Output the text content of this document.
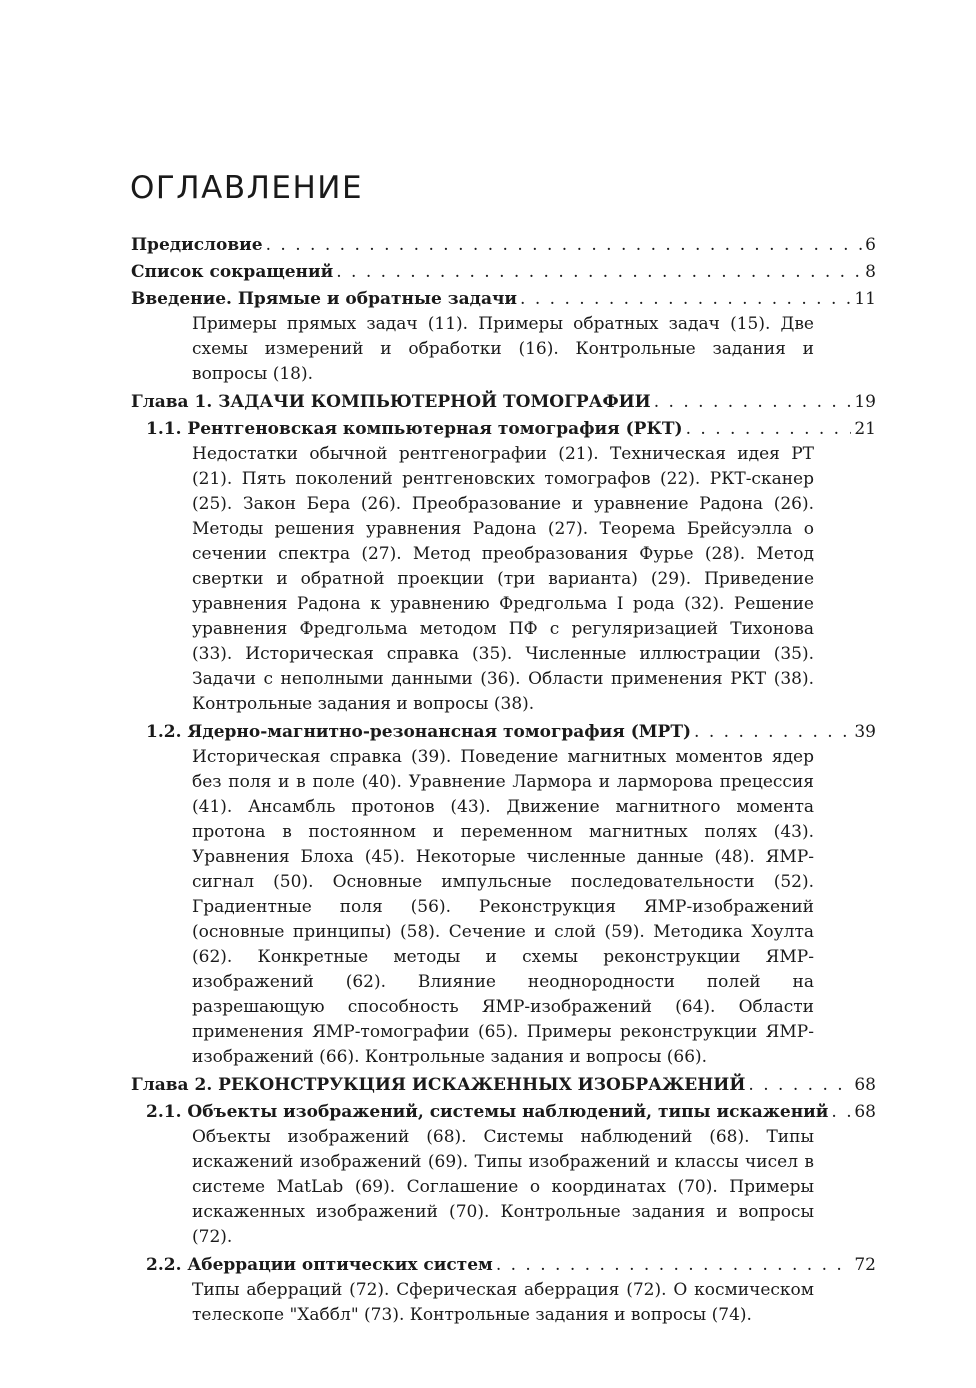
ОГЛАВЛЕНИЕ
Предисловие . . .	6
Список сокращений . . .	8
Введение. Прямые и обратные задачи . . .	11
Примеры прямых задач (11). Примеры обратных задач (15). Две схемы измерений и обработки (16). Контрольные задания и вопросы (18).
Глава 1. ЗАДАЧИ КОМПЬЮТЕРНОЙ ТОМОГРАФИИ . . .	19
1.1. Рентгеновская компьютерная томография (РКТ) . . .	21
Недостатки обычной рентгенографии (21). Техническая идея РТ (21). Пять поколений рентгеновских томографов (22). РКТ-сканер (25). Закон Бера (26). Преобразование и уравнение Радона (26). Методы решения уравнения Радона (27). Теорема Брейсуэлла о сечении спектра (27). Метод преобразования Фурье (28). Метод свертки и обратной проекции (три варианта) (29). Приведение уравнения Радона к уравнению Фредгольма I рода (32). Решение уравнения Фредгольма методом ПФ с регуляризацией Тихонова (33). Историческая справка (35). Численные иллюстрации (35). Задачи с неполными данными (36). Области применения РКТ (38). Контрольные задания и вопросы (38).
1.2. Ядерно-магнитно-резонансная томография (МРТ) . . .	39
Историческая справка (39). Поведение магнитных моментов ядер без поля и в поле (40). Уравнение Лармора и ларморова прецессия (41). Ансамбль протонов (43). Движение магнитного момента протона в постоянном и переменном магнитных полях (43). Уравнения Блоха (45). Некоторые численные данные (48). ЯМР-сигнал (50). Основные импульсные последовательности (52). Градиентные поля (56). Реконструкция ЯМР-изображений (основные принципы) (58). Сечение и слой (59). Методика Хоулта (62). Конкретные методы и схемы реконструкции ЯМР-изображений (62). Влияние неоднородности полей на разрешающую способность ЯМР-изображений (64). Области применения ЯМР-томографии (65). Примеры реконструкции ЯМР-изображений (66). Контрольные задания и вопросы (66).
Глава 2. РЕКОНСТРУКЦИЯ ИСКАЖЕННЫХ ИЗОБРАЖЕНИЙ . . .	68
2.1. Объекты изображений, системы наблюдений, типы искажений . . . 68
Объекты изображений (68). Системы наблюдений (68). Типы искажений изображений (69). Типы изображений и классы чисел в системе MatLab (69). Соглашение о координатах (70). Примеры искаженных изображений (70). Контрольные задания и вопросы (72).
2.2. Аберрации оптических систем . . .	72
Типы аберраций (72). Сферическая аберрация (72). О космическом телескопе "Хаббл" (73). Контрольные задания и вопросы (74).
